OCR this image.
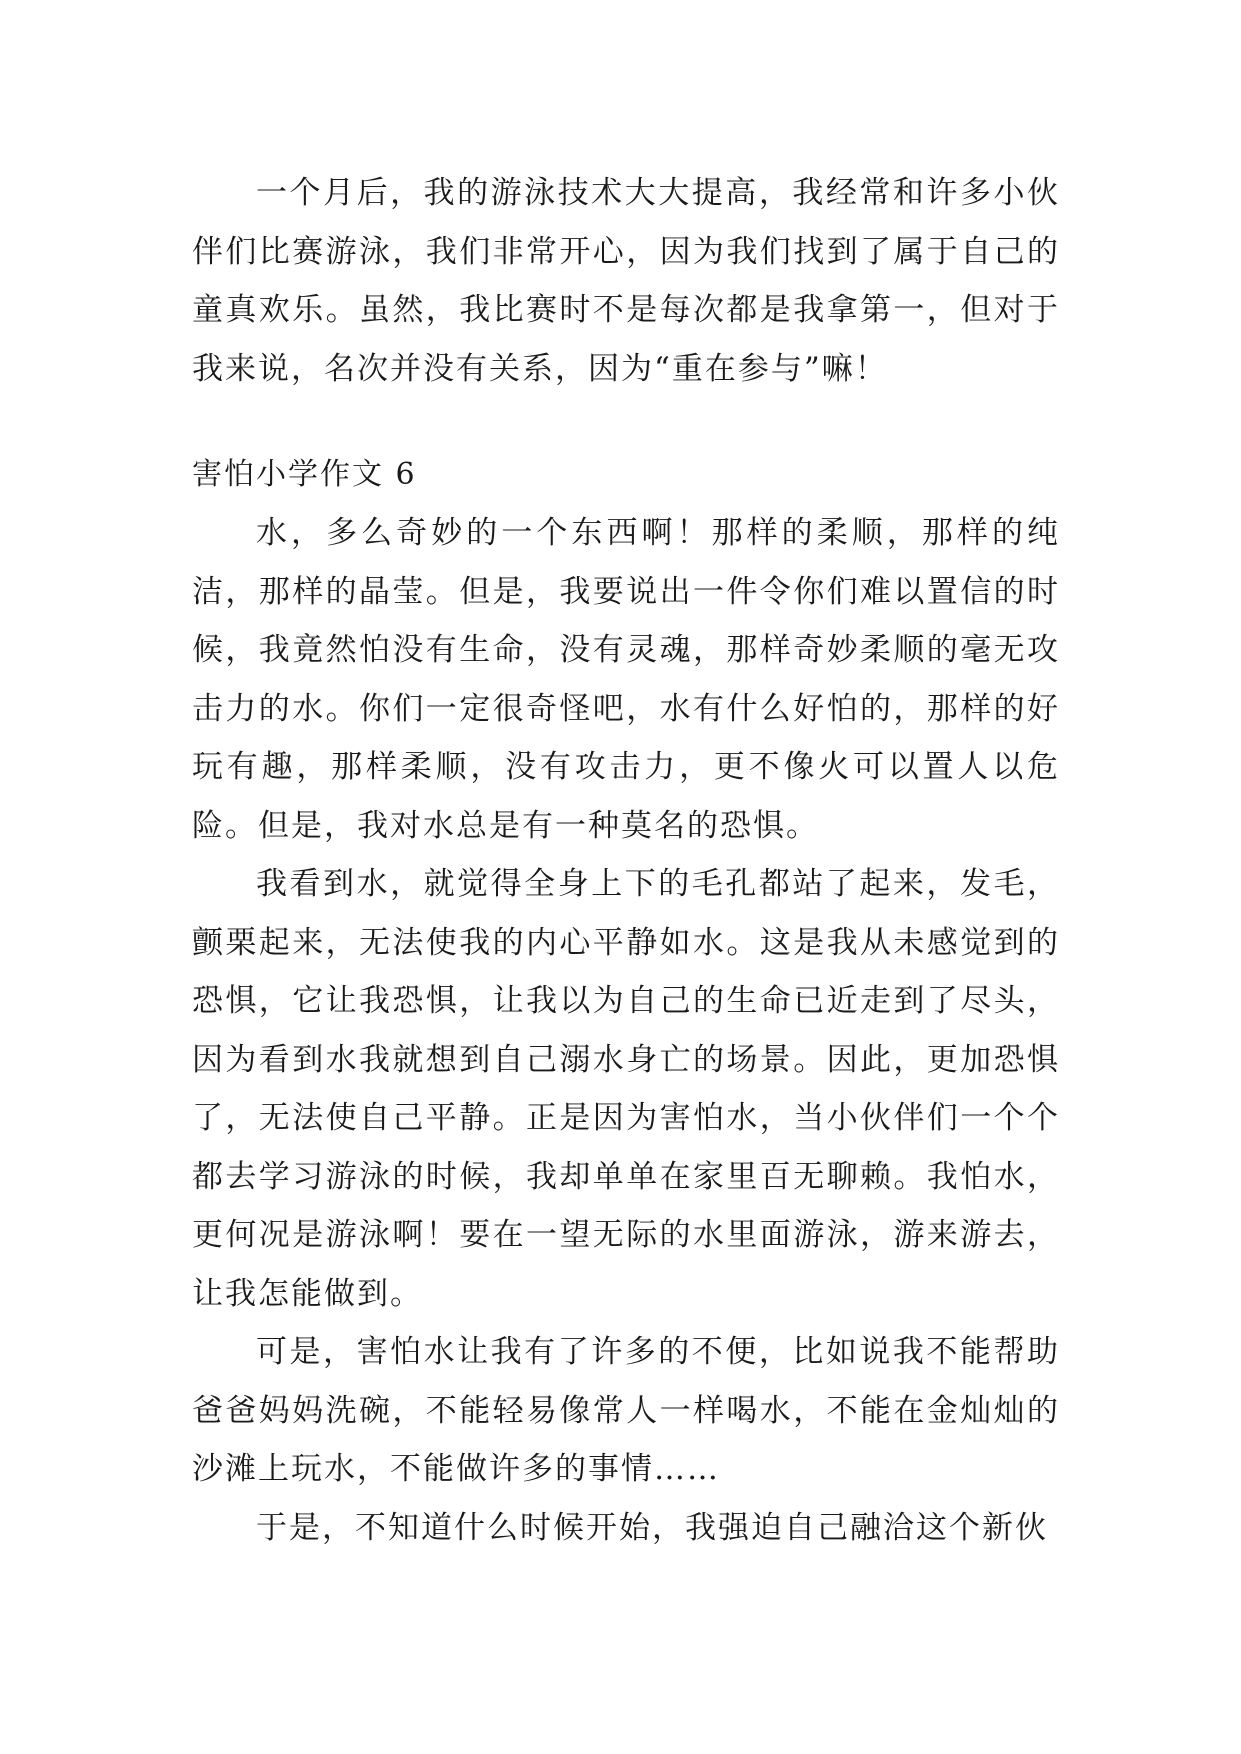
一个月后，我的游泳技术大大提高，我经常和许多小伙伴们比赛游泳，我们非常开心，因为我们找到了属于自己的童真欢乐。虽然，我比赛时不是每次都是我拿第一，但对于我来说，名次并没有关系，因为“重在参与”嘛！

害怕小学作文 6

水，多么奇妙的一个东西啊！那样的柔顺，那样的纯洁，那样的晶莹。但是，我要说出一件令你们难以置信的时候，我竟然怕没有生命，没有灵魂，那样奇妙柔顺的毫无攻击力的水。你们一定很奇怪吧，水有什么好怕的，那样的好玩有趣，那样柔顺，没有攻击力，更不像火可以置人以危险。但是，我对水总是有一种莫名的恐惧。

我看到水，就觉得全身上下的毛孔都站了起来，发毛，颤栗起来，无法使我的内心平静如水。这是我从未感觉到的恐惧，它让我恐惧，让我以为自己的生命已近走到了尽头，因为看到水我就想到自己溺水身亡的场景。因此，更加恐惧了，无法使自己平静。正是因为害怕水，当小伙伴们一个个都去学习游泳的时候，我却单单在家里百无聊赖。我怕水，更何况是游泳啊！要在一望无际的水里面游泳，游来游去，让我怎能做到。

可是，害怕水让我有了许多的不便，比如说我不能帮助爸爸妈妈洗碗，不能轻易像常人一样喝水，不能在金灿灿的沙滩上玩水，不能做许多的事情……

于是，不知道什么时候开始，我强迫自己融洽这个新伙
